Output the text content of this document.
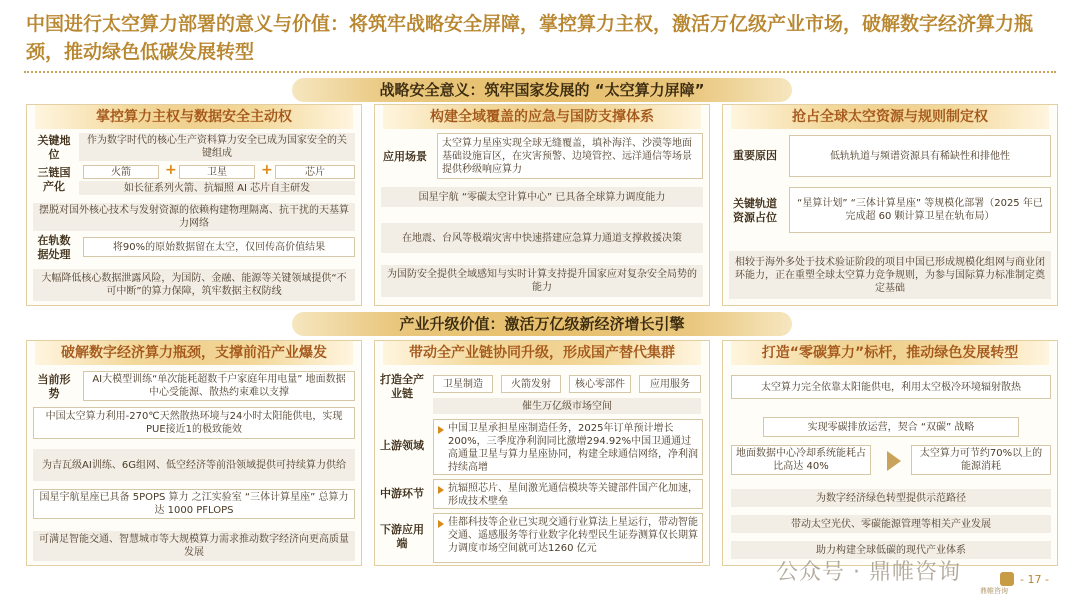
中国进行太空算力部署的意义与价值：将筑牢战略安全屏障，掌控算力主权，激活万亿级产业市场，破解数字经济算力瓶颈，推动绿色低碳发展转型
战略安全意义：筑牢国家发展的 “太空算力屏障”
掌控算力主权与数据安全主动权
关键地位
作为数字时代的核心生产资料算力安全已成为国家安全的关键组成
三链国产化
火箭	+	卫星	+	芯片
如长征系列火箭、抗辐照 AI 芯片自主研发
摆脱对国外核心技术与发射资源的依赖构建物理隔离、抗干扰的天基算力网络
在轨数据处理
将90%的原始数据留在太空，仅回传高价值结果
大幅降低核心数据泄露风险，为国防、金融、能源等关键领域提供“不可中断”的算力保障，筑牢数据主权防线
构建全域覆盖的应急与国防支撑体系
应用场景
太空算力星座实现全球无缝覆盖，填补海洋、沙漠等地面基础设施盲区，在灾害预警、边境管控、远洋通信等场景提供秒级响应算力
国星宇航 “零碳太空计算中心” 已具备全球算力调度能力
在地震、台风等极端灾害中快速搭建应急算力通道支撑救援决策
为国防安全提供全域感知与实时计算支持提升国家应对复杂安全局势的能力
抢占全球太空资源与规则制定权
重要原因	低轨轨道与频谱资源具有稀缺性和排他性
关键轨道资源占位
“星算计划” “三体计算星座” 等规模化部署（2025 年已完成超 60 颗计算卫星在轨布局）
相较于海外多处于技术验证阶段的项目中国已形成规模化组网与商业闭环能力，正在重塑全球太空算力竞争规则，为参与国际算力标准制定奠定基础
产业升级价值：激活万亿级新经济增长引擎
破解数字经济算力瓶颈，支撑前沿产业爆发
当前形势
AI大模型训练“单次能耗超数千户家庭年用电量” 地面数据中心受能源、散热约束难以支撑
中国太空算力利用-270℃天然散热环境与24小时太阳能供电，实现PUE接近1的极致能效
为吉瓦级AI训练、6G组网、低空经济等前沿领域提供可持续算力供给
国星宇航星座已具备 5POPS 算力 之江实验室 “三体计算星座” 总算力达 1000 PFLOPS
可满足智能交通、智慧城市等大规模算力需求推动数字经济向更高质量发展
带动全产业链协同升级，形成国产替代集群
打造全产业链
卫星制造	火箭发射	核心零部件	应用服务
催生万亿级市场空间
上游领域
中国卫星承担星座制造任务，2025年订单预计增长200%，三季度净利润同比激增294.92%中国卫通通过高通量卫星与算力星座协同，构建全球通信网络，净利润持续高增
中游环节	抗辐照芯片、星间激光通信模块等关键部件国产化加速，形成技术壁垒
下游应用端
佳都科技等企业已实现交通行业算法上星运行，带动智能交通、遥感服务等行业数字化转型民生证券测算仅长期算力调度市场空间就可达1260 亿元
打造“零碳算力”标杆，推动绿色发展转型
太空算力完全依靠太阳能供电，利用太空极冷环境辐射散热
实现零碳排放运营，契合 “双碳” 战略
地面数据中心冷却系统能耗占比高达 40%
太空算力可节约70%以上的能源消耗
为数字经济绿色转型提供示范路径
带动太空光伏、零碳能源管理等相关产业发展
助力构建全球低碳的现代产业体系
公众号 · 鼎帷咨询
鼎帷咨询
- 17 -
